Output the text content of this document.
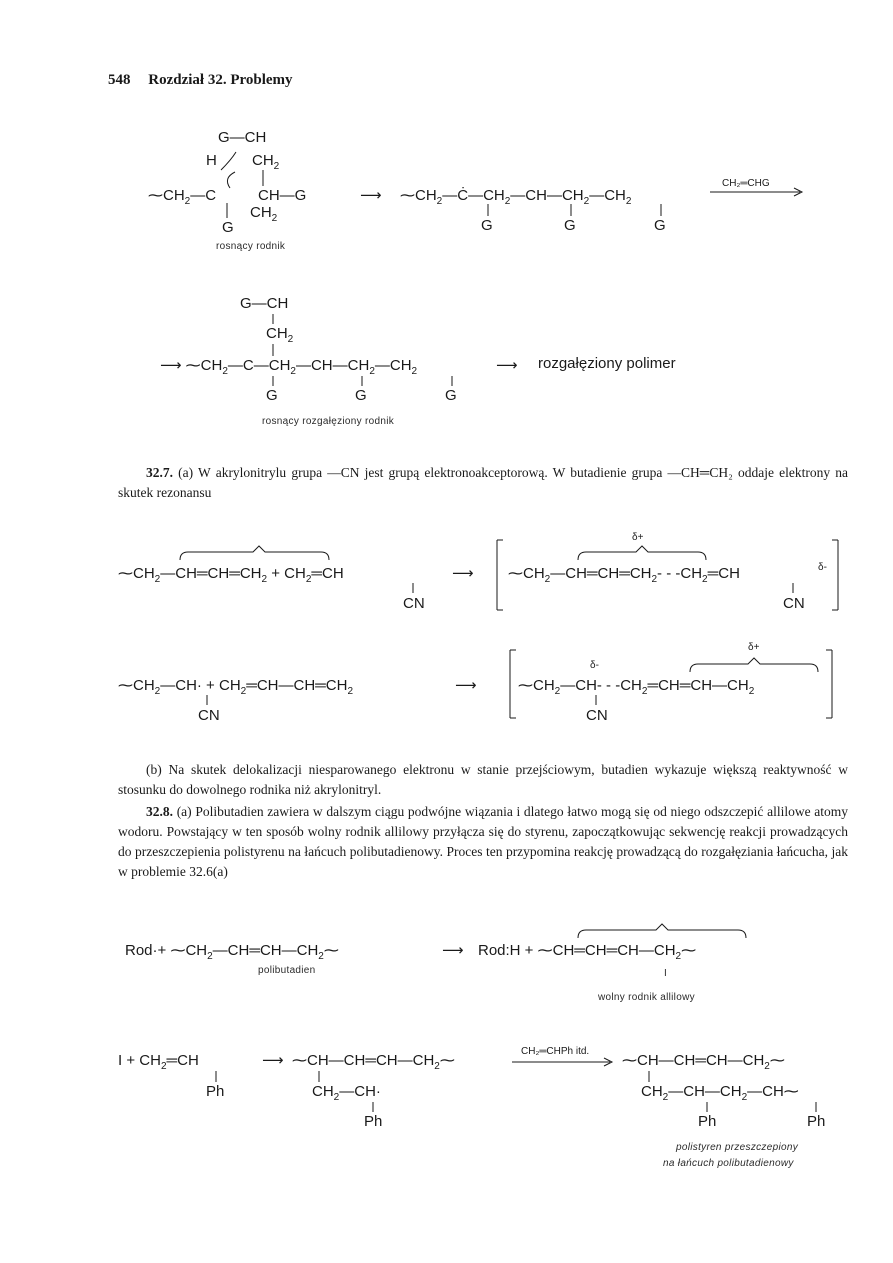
548 Rozdział 32. Problemy
G—CH
H $CH_2$
$⁓CH_2—C$	CH—G
G
$CH_2$
⟶ $⁓CH_2—Ċ—CH_2—CH—CH_2—CH_2$
G	G	G
CH₂═CHG
rosnący rodnik
G—CH
$CH_2$
⟶ $⁓CH_2—C—CH_2—CH—CH_2—CH_2$
G	G	G
⟶ rozgałęziony polimer
rosnący rozgałęziony rodnik
32.7. (a) W akrylonitrylu grupa —CN jest grupą elektronoakceptorową. W butadienie grupa —CH═CH₂ oddaje elektrony na skutek rezonansu
$⁓CH_2—CH═CH═CH_2$ + $CH_2═CH$
CN
⟶
δ+
$⁓CH_2—CH═CH═CH_2-$ - $-CH_2═CH$	δ-
CN
$⁓CH_2—CH\cdot$ + $CH_2═CH—CH═CH_2$
CN
⟶
δ-
δ+
$⁓CH_2—CH-$ - $-CH_2═CH═CH—CH_2$
CN
(b) Na skutek delokalizacji niesparowanego elektronu w stanie przejściowym, butadien wykazuje większą reaktywność w stosunku do dowolnego rodnika niż akrylonitryl.
32.8. (a) Polibutadien zawiera w dalszym ciągu podwójne wiązania i dlatego łatwo mogą się od niego odszczepić allilowe atomy wodoru. Powstający w ten sposób wolny rodnik allilowy przyłącza się do styrenu, zapoczątkowując sekwencję reakcji prowadzących do przeszczepienia polistyrenu na łańcuch polibutadienowy. Proces ten przypomina reakcję prowadzącą do rozgałęziania łańcucha, jak w problemie 32.6(a)
$Rod\cdot+ ⁓CH_2—CH═CH—CH_2⁓$	⟶ Rod:H + $⁓CH═CH═CH—CH_2⁓$
polibutadien	I
wolny rodnik allilowy
$I + CH_2═CH$
Ph
⟶ $⁓CH—CH═CH—CH_2⁓$
$CH_2—CH\cdot$
Ph
CH₂═CHPh itd.
$⁓CH—CH═CH—CH_2⁓$
$CH_2—CH—CH_2—CH⁓$
Ph	Ph
polistyren przeszczepiony
na łańcuch polibutadienowy
